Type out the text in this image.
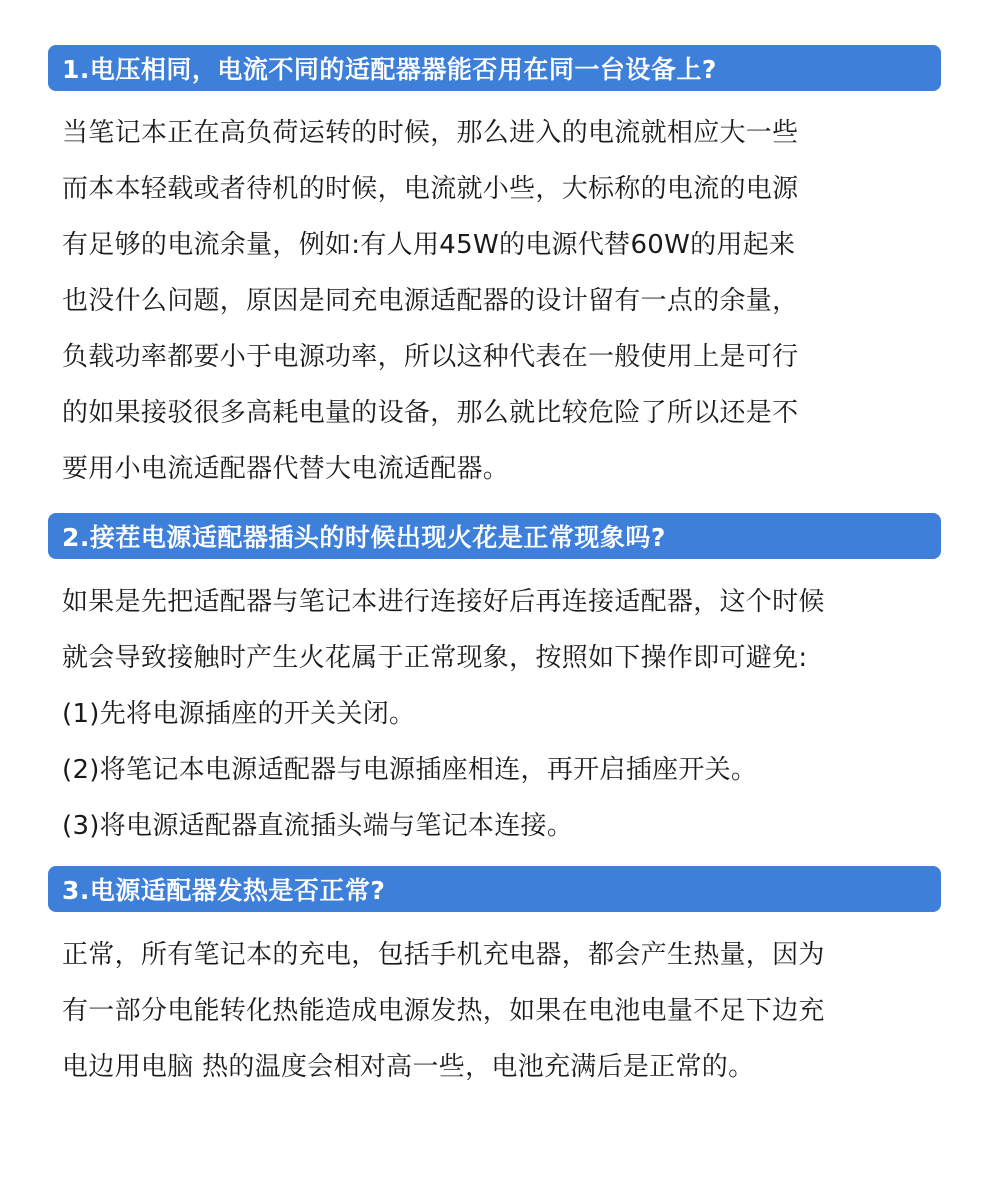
1.电压相同，电流不同的适配器器能否用在同一台设备上?
当笔记本正在高负荷运转的时候，那么进入的电流就相应大一些
而本本轻载或者待机的时候，电流就小些，大标称的电流的电源
有足够的电流余量，例如:有人用45W的电源代替60W的用起来
也没什么问题，原因是同充电源适配器的设计留有一点的余量，
负载功率都要小于电源功率，所以这种代表在一般使用上是可行
的如果接驳很多高耗电量的设备，那么就比较危险了所以还是不
要用小电流适配器代替大电流适配器。
2.接茬电源适配器插头的时候出现火花是正常现象吗?
如果是先把适配器与笔记本进行连接好后再连接适配器，这个时候
就会导致接触时产生火花属于正常现象，按照如下操作即可避免:
(1)先将电源插座的开关关闭。
(2)将笔记本电源适配器与电源插座相连，再开启插座开关。
(3)将电源适配器直流插头端与笔记本连接。
3.电源适配器发热是否正常?
正常，所有笔记本的充电，包括手机充电器，都会产生热量，因为
有一部分电能转化热能造成电源发热，如果在电池电量不足下边充
电边用电脑 热的温度会相对高一些，电池充满后是正常的。
